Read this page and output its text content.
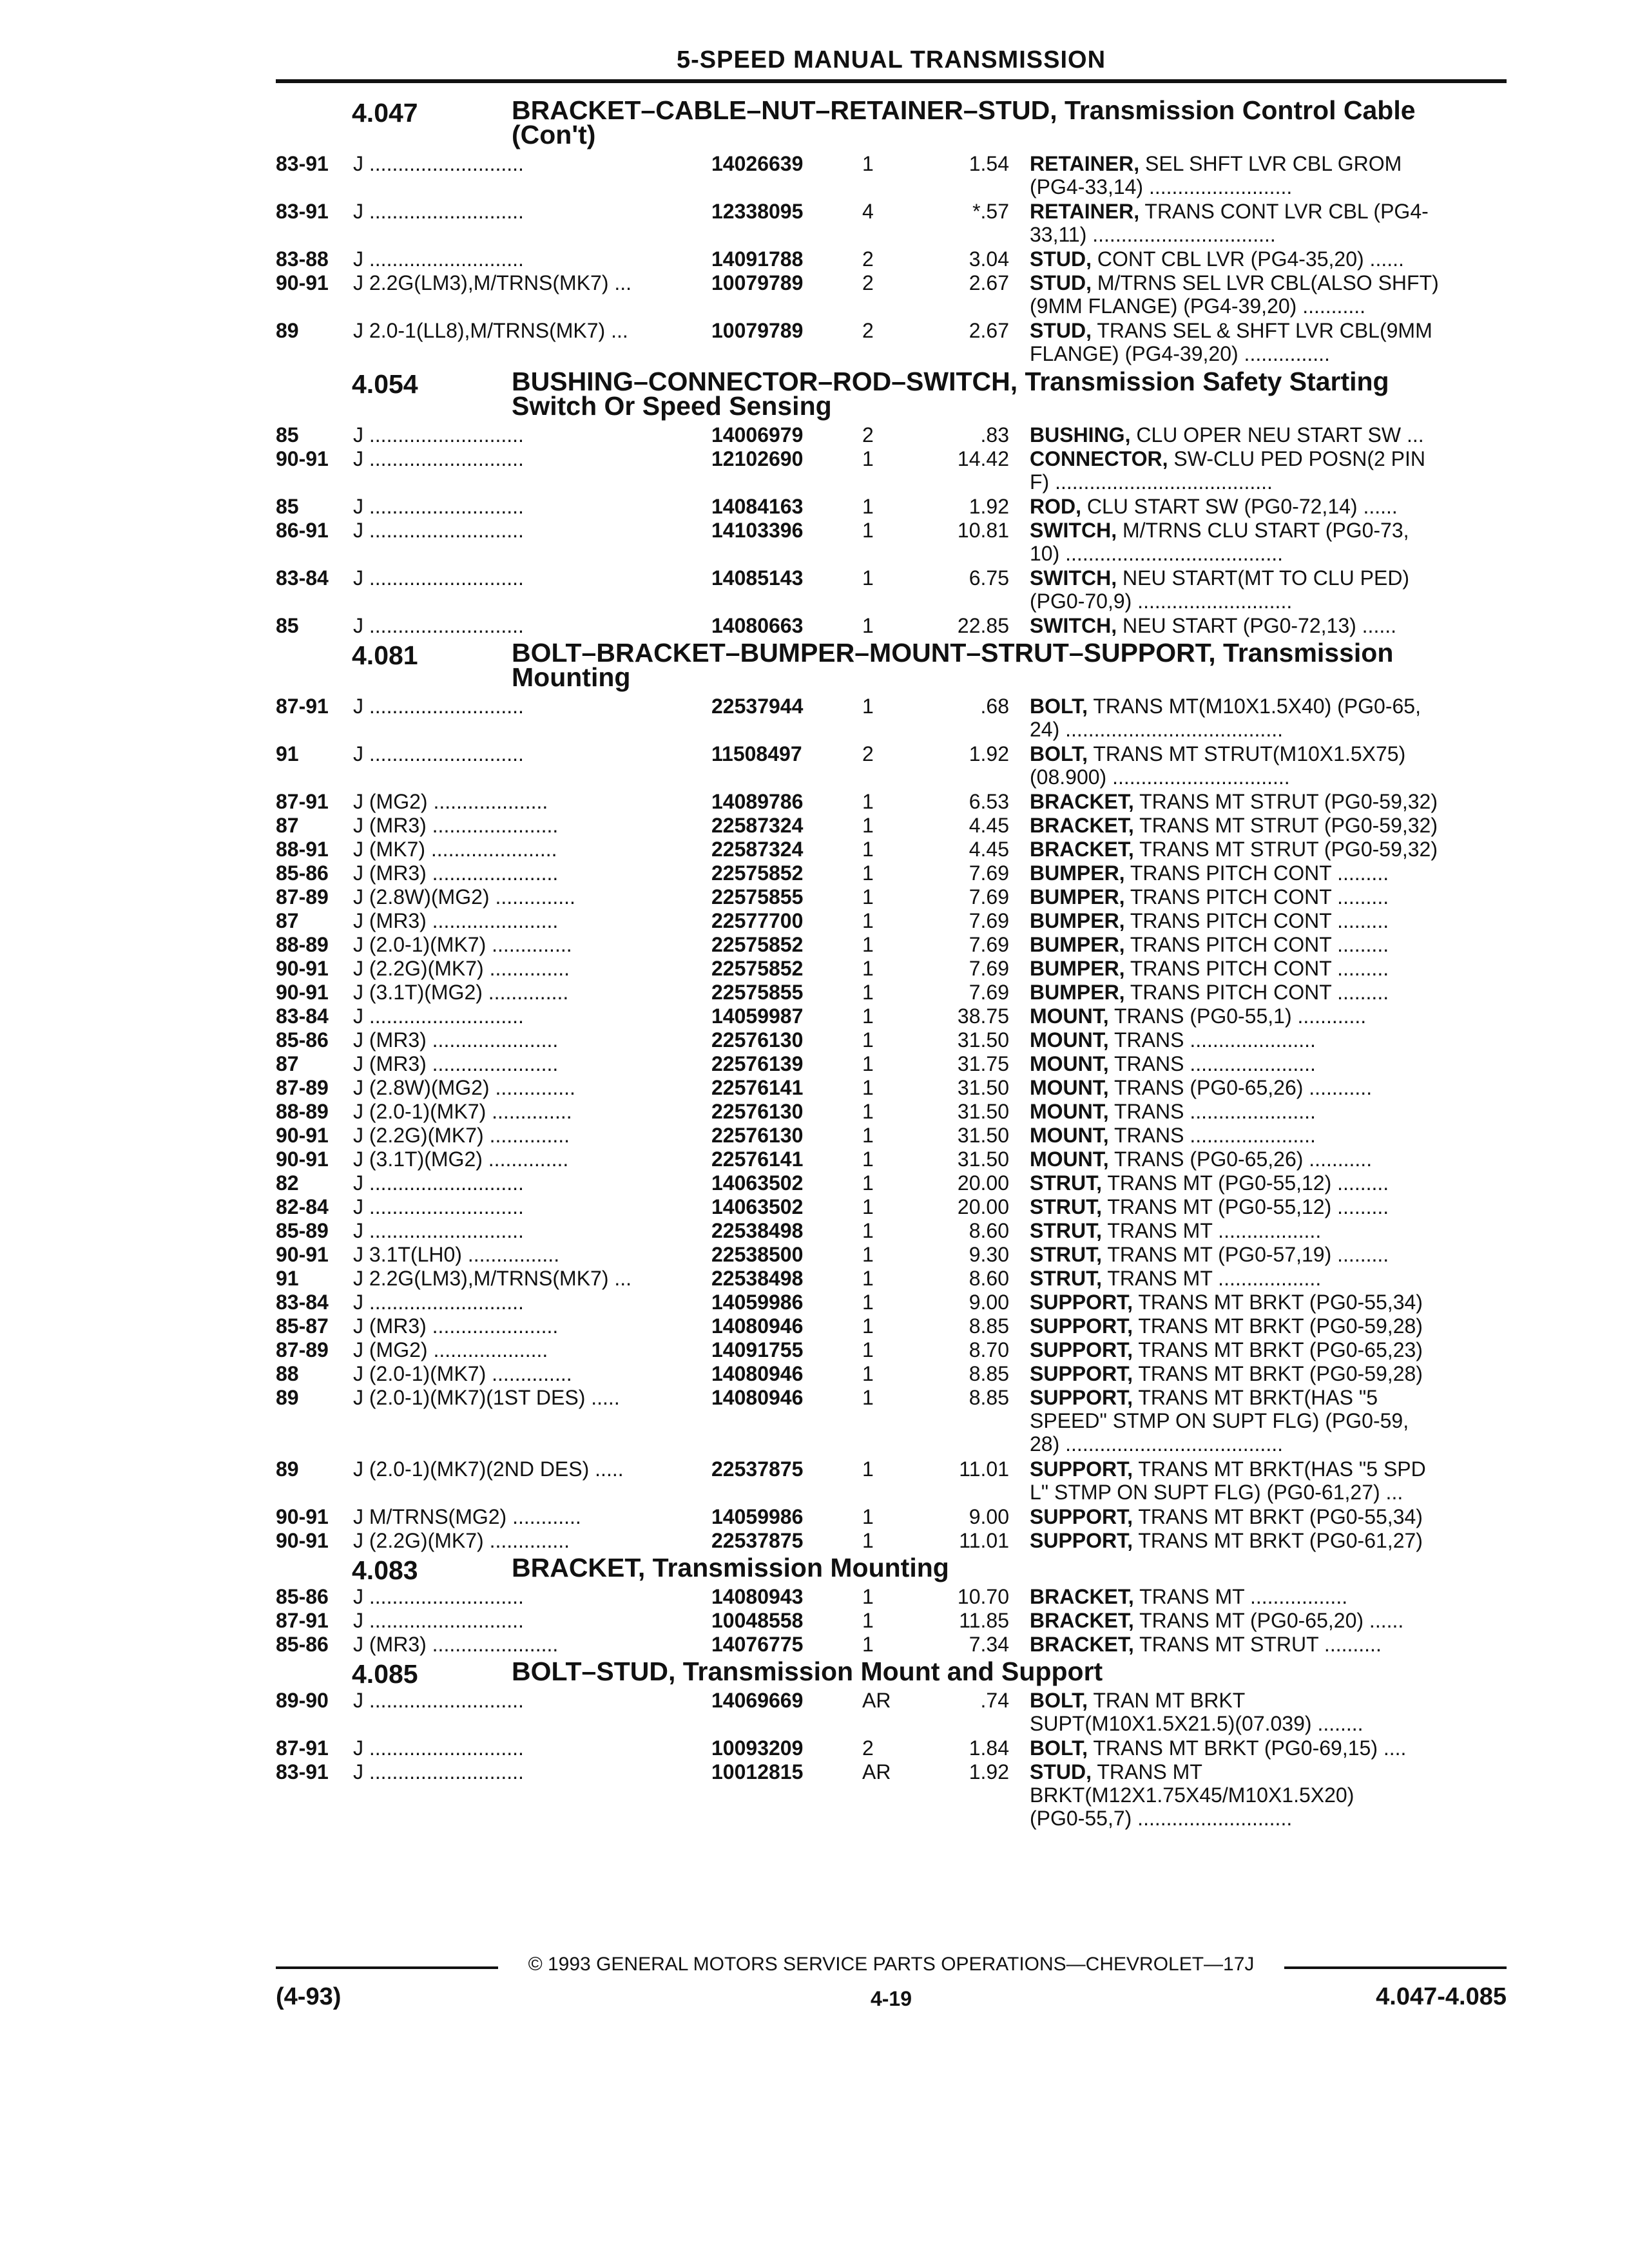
5-SPEED MANUAL TRANSMISSION
4.047	BRACKET–CABLE–NUT–RETAINER–STUD, Transmission Control Cable
(Con't)
83-91 J ...........................	14026639	1	1.54 RETAINER, SEL SHFT LVR CBL GROM
(PG4-33,14) .........................
83-91 J ...........................	12338095	4	*.57 RETAINER, TRANS CONT LVR CBL (PG4-
33,11) ................................
83-88 J ...........................	14091788	2	3.04 STUD, CONT CBL LVR (PG4-35,20) ......
90-91 J 2.2G(LM3),M/TRNS(MK7) ...	10079789	2	2.67 STUD, M/TRNS SEL LVR CBL(ALSO SHFT)
(9MM FLANGE) (PG4-39,20) ...........
89	J 2.0-1(LL8),M/TRNS(MK7) ...	10079789	2	2.67 STUD, TRANS SEL & SHFT LVR CBL(9MM
FLANGE) (PG4-39,20) ...............
4.054	BUSHING–CONNECTOR–ROD–SWITCH, Transmission Safety Starting
Switch Or Speed Sensing
85	J ...........................	14006979	2	.83 BUSHING, CLU OPER NEU START SW ...
90-91 J ...........................	12102690	1	14.42 CONNECTOR, SW-CLU PED POSN(2 PIN
F) ......................................
85	J ...........................	14084163	1	1.92 ROD, CLU START SW (PG0-72,14) ......
86-91 J ...........................	14103396	1	10.81 SWITCH, M/TRNS CLU START (PG0-73,
10) ......................................
83-84 J ...........................	14085143	1	6.75 SWITCH, NEU START(MT TO CLU PED)
(PG0-70,9) ...........................
85	J ...........................	14080663	1	22.85 SWITCH, NEU START (PG0-72,13) ......
4.081	BOLT–BRACKET–BUMPER–MOUNT–STRUT–SUPPORT, Transmission
Mounting
87-91 J ...........................	22537944	1	.68 BOLT, TRANS MT(M10X1.5X40) (PG0-65,
24) ......................................
91	J ...........................	11508497	2	1.92 BOLT, TRANS MT STRUT(M10X1.5X75)
(08.900) ...............................
87-91 J (MG2) ....................	14089786	1	6.53 BRACKET, TRANS MT STRUT (PG0-59,32)
87	J (MR3) ......................	22587324	1	4.45 BRACKET, TRANS MT STRUT (PG0-59,32)
88-91 J (MK7) ......................	22587324	1	4.45 BRACKET, TRANS MT STRUT (PG0-59,32)
85-86 J (MR3) ......................	22575852	1	7.69 BUMPER, TRANS PITCH CONT .........
87-89 J (2.8W)(MG2) ..............	22575855	1	7.69 BUMPER, TRANS PITCH CONT .........
87	J (MR3) ......................	22577700	1	7.69 BUMPER, TRANS PITCH CONT .........
88-89 J (2.0-1)(MK7) ..............	22575852	1	7.69 BUMPER, TRANS PITCH CONT .........
90-91 J (2.2G)(MK7) ..............	22575852	1	7.69 BUMPER, TRANS PITCH CONT .........
90-91 J (3.1T)(MG2) ..............	22575855	1	7.69 BUMPER, TRANS PITCH CONT .........
83-84 J ...........................	14059987	1	38.75 MOUNT, TRANS (PG0-55,1) ............
85-86 J (MR3) ......................	22576130	1	31.50 MOUNT, TRANS ......................
87	J (MR3) ......................	22576139	1	31.75 MOUNT, TRANS ......................
87-89 J (2.8W)(MG2) ..............	22576141	1	31.50 MOUNT, TRANS (PG0-65,26) ...........
88-89 J (2.0-1)(MK7) ..............	22576130	1	31.50 MOUNT, TRANS ......................
90-91 J (2.2G)(MK7) ..............	22576130	1	31.50 MOUNT, TRANS ......................
90-91 J (3.1T)(MG2) ..............	22576141	1	31.50 MOUNT, TRANS (PG0-65,26) ...........
82	J ...........................	14063502	1	20.00 STRUT, TRANS MT (PG0-55,12) .........
82-84 J ...........................	14063502	1	20.00 STRUT, TRANS MT (PG0-55,12) .........
85-89 J ...........................	22538498	1	8.60 STRUT, TRANS MT ..................
90-91 J 3.1T(LH0) ................	22538500	1	9.30 STRUT, TRANS MT (PG0-57,19) .........
91	J 2.2G(LM3),M/TRNS(MK7) ...	22538498	1	8.60 STRUT, TRANS MT ..................
83-84 J ...........................	14059986	1	9.00 SUPPORT, TRANS MT BRKT (PG0-55,34)
85-87 J (MR3) ......................	14080946	1	8.85 SUPPORT, TRANS MT BRKT (PG0-59,28)
87-89 J (MG2) ....................	14091755	1	8.70 SUPPORT, TRANS MT BRKT (PG0-65,23)
88	J (2.0-1)(MK7) ..............	14080946	1	8.85 SUPPORT, TRANS MT BRKT (PG0-59,28)
89	J (2.0-1)(MK7)(1ST DES) .....	14080946	1	8.85 SUPPORT, TRANS MT BRKT(HAS "5
SPEED" STMP ON SUPT FLG) (PG0-59,
28) ......................................
89	J (2.0-1)(MK7)(2ND DES) .....	22537875	1	11.01 SUPPORT, TRANS MT BRKT(HAS "5 SPD
L" STMP ON SUPT FLG) (PG0-61,27) ...
90-91 J M/TRNS(MG2) ............	14059986	1	9.00 SUPPORT, TRANS MT BRKT (PG0-55,34)
90-91 J (2.2G)(MK7) ..............	22537875	1	11.01 SUPPORT, TRANS MT BRKT (PG0-61,27)
4.083	BRACKET, Transmission Mounting
85-86 J ...........................	14080943	1	10.70 BRACKET, TRANS MT .................
87-91 J ...........................	10048558	1	11.85 BRACKET, TRANS MT (PG0-65,20) ......
85-86 J (MR3) ......................	14076775	1	7.34 BRACKET, TRANS MT STRUT ..........
4.085	BOLT–STUD, Transmission Mount and Support
89-90 J ...........................	14069669	AR	.74 BOLT, TRAN MT BRKT
SUPT(M10X1.5X21.5)(07.039) ........
87-91 J ...........................	10093209	2	1.84 BOLT, TRANS MT BRKT (PG0-69,15) ....
83-91 J ...........................	10012815	AR	1.92 STUD, TRANS MT
BRKT(M12X1.75X45/M10X1.5X20)
(PG0-55,7) ...........................
© 1993 GENERAL MOTORS SERVICE PARTS OPERATIONS—CHEVROLET—17J
(4-93)	4-19	4.047-4.085
